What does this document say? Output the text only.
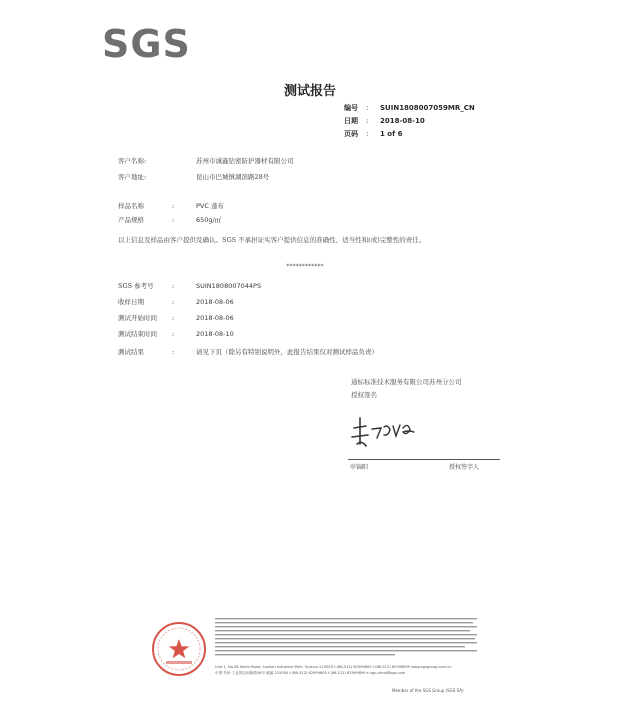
SGS
测试报告
编号 : SUIN1808007059MR_CN
日期 : 2018-08-10
页码 : 1 of 6
客户名称:	苏州市诚鑫钻密防护器材有限公司
客户地址:	昆山市巴城镇湖滨路28号
样品名称	:	PVC 蓬布
产品规格	:	650g/㎡
以上信息及样品由客户提供及确认。SGS 不承担证实客户提供信息的准确性、适当性和(或)完整性的责任。
************
SGS 参考号	:	SUIN1808007044PS
收样日期	:	2018-08-06
测试开始时间 :	2018-08-06
测试结束时间 :	2018-08-10
测试结果	:	请见下页（除另有特别说明外，此报告结果仅对测试样品负责）
通标标准技术服务有限公司苏州分公司
授权签名
申锦阳	授权签字人
Unit 1, No.58 Hexin Road, Suzhou Industrial Park, Suzhou 215000 t (86-512) 62999800 f (86-512) 62999899 www.sgsgroup.com.cn
中国·苏州·工业园区和新路58号 邮编 215000 t (86-512) 62999800 f (86-512) 62999899 e sgs.china@sgs.com
Member of the SGS Group (SGS SA)
